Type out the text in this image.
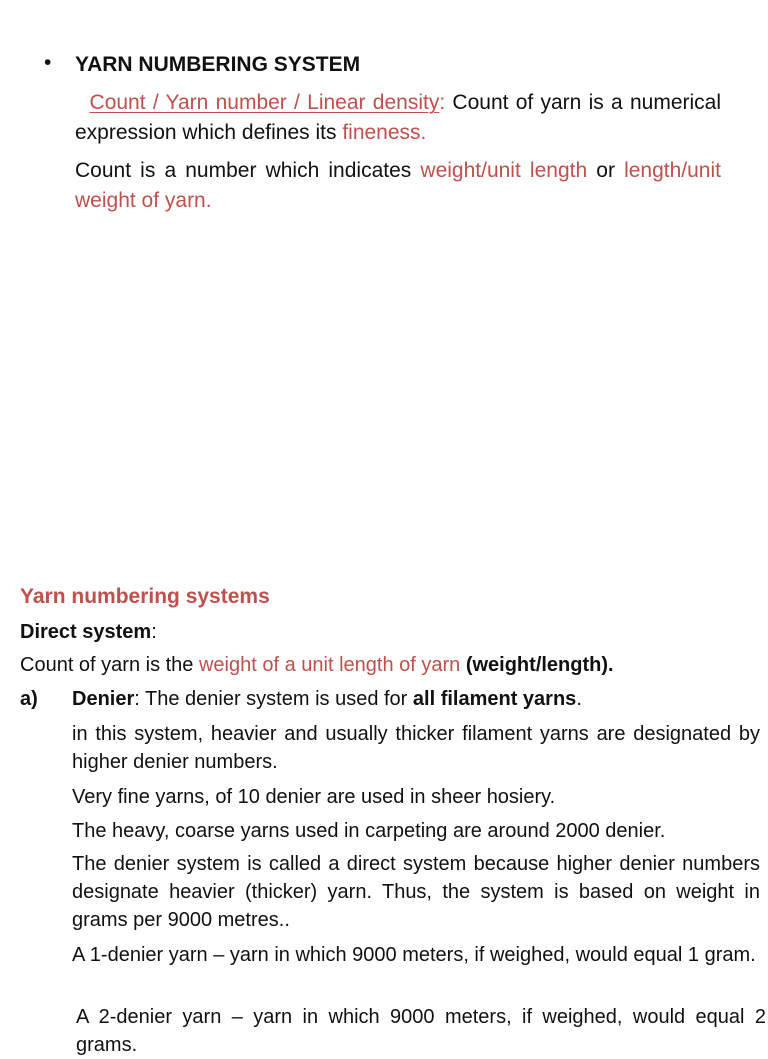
• YARN NUMBERING SYSTEM
Count / Yarn number / Linear density: Count of yarn is a numerical expression which defines its fineness.
Count is a number which indicates weight/unit length or length/unit weight of yarn.
Yarn numbering systems
Direct system:
Count of yarn is the weight of a unit length of yarn (weight/length).
a) Denier: The denier system is used for all filament yarns.
in this system, heavier and usually thicker filament yarns are designated by higher denier numbers.
Very fine yarns, of 10 denier are used in sheer hosiery.
The heavy, coarse yarns used in carpeting are around 2000 denier.
The denier system is called a direct system because higher denier numbers designate heavier (thicker) yarn. Thus, the system is based on weight in grams per 9000 metres..
A 1-denier yarn – yarn in which 9000 meters, if weighed, would equal 1 gram.
A 2-denier yarn – yarn in which 9000 meters, if weighed, would equal 2 grams.
